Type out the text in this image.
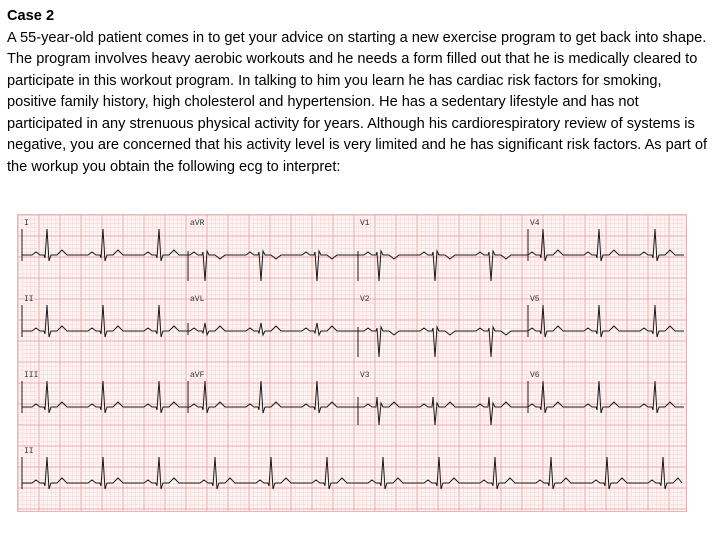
Case 2

A 55-year-old patient comes in to get your advice on starting a new exercise program to get back into shape. The program involves heavy aerobic workouts and he needs a form filled out that he is medically cleared to participate in this workout program. In talking to him you learn he has cardiac risk factors for smoking, positive family history, high cholesterol and hypertension. He has a sedentary lifestyle and has not participated in any strenuous physical activity for years. Although his cardiorespiratory review of systems is negative, you are concerned that his activity level is very limited and he has significant risk factors. As part of the workup you obtain the following ecg to interpret:

I	aVR	V1	V4
II	aVL	V2	V5
III	aVF	V3	V6
II
